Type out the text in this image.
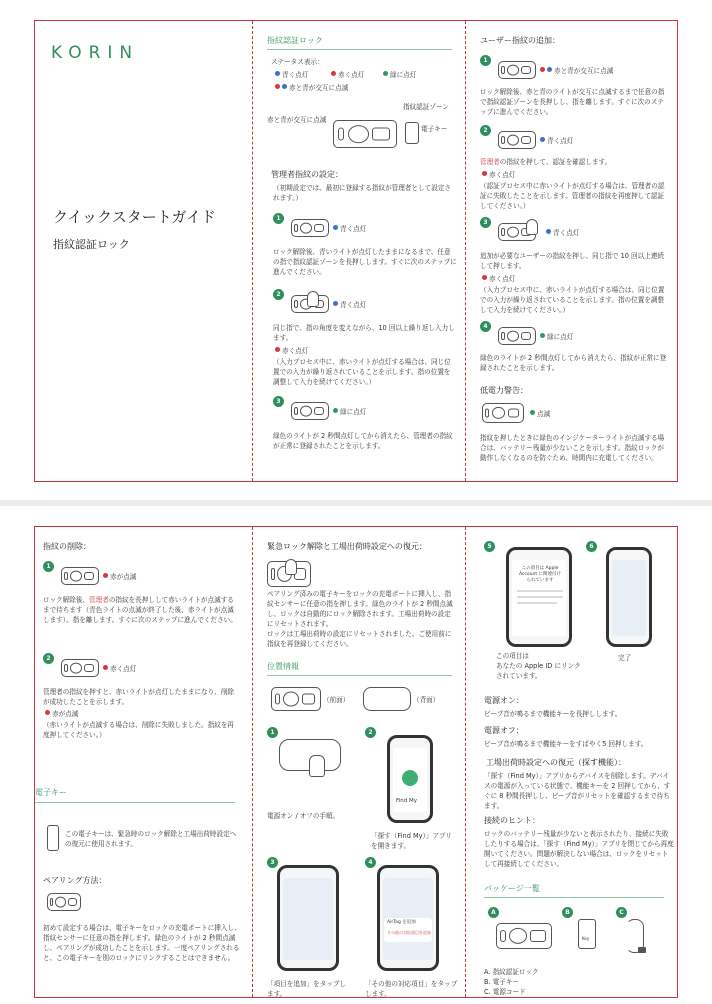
KORIN
クイックスタートガイド
指紋認証ロック
指紋認証ロック
ステータス表示：
青く点灯	赤く点灯	緑に点灯
赤と青が交互に点滅
赤と青が交互に点滅
指紋認証ゾーン
電子キー
管理者指紋の設定：
（初期設定では、最初に登録する指紋が管理者として設定されます。）
1
青く点灯
ロック解除後、青いライトが点灯したままになるまで、任意の指で指紋認証ゾーンを長押しします。すぐに次のステップに進んでください。
2
青く点灯
同じ指で、指の角度を変えながら、10 回以上繰り返し入力します。
赤く点灯
（入力プロセス中に、赤いライトが点灯する場合は、同じ位置での入力が繰り返されていることを示します。指の位置を調整して入力を続けてください。）
3
緑に点灯
緑色のライトが 2 秒間点灯してから消えたら、管理者の指紋が正常に登録されたことを示します。
ユーザー指紋の追加：
1
赤と青が交互に点滅
ロック解除後、赤と青のライトが交互に点滅するまで任意の指で指紋認証ゾーンを長押しし、指を離します。すぐに次のステップに進んでください。
2
青く点灯
管理者の指紋を押して、認証を確認します。
赤く点灯
（認証プロセス中に赤いライトが点灯する場合は、管理者の認証に失敗したことを示します。管理者の指紋を再度押して認証してください。）
3
青く点灯
追加が必要なユーザーの指紋を押し、同じ指で 10 回以上連続して押します。
赤く点灯
（入力プロセス中に、赤いライトが点灯する場合は、同じ位置での入力が繰り返されていることを示します。指の位置を調整して入力を続けてください。）
4
緑に点灯
緑色のライトが 2 秒間点灯してから消えたら、指紋が正常に登録されたことを示します。
低電力警告：
点滅
指紋を押したときに緑色のインジケーターライトが点滅する場合は、バッテリー残量が少ないことを示します。指紋ロックが動作しなくなるのを防ぐため、時間内に充電してください。
指紋の削除：
1
赤が点滅
ロック解除後、管理者の指紋を長押しして赤いライトが点滅するまで待ちます（青色ライトの点滅が終了した後、赤ライトが点滅します）。指を離します。すぐに次のステップに進んでください。
2
赤く点灯
管理者の指紋を押すと、赤いライトが点灯したままになり、削除が成功したことを示します。
赤が点滅
（赤いライトが点滅する場合は、削除に失敗しました。指紋を再度押してください。）
電子キー
この電子キーは、緊急時のロック解除と工場出荷時設定への復元に使用されます。
ペアリング方法：
初めて設定する場合は、電子キーをロックの充電ポートに挿入し、指紋センサーに任意の指を押します。緑色のライトが 2 秒間点滅し、ペアリングが成功したことを示します。一度ペアリングされると、この電子キーを別のロックにリンクすることはできません。
緊急ロック解除と工場出荷時設定への復元：
ペアリング済みの電子キーをロックの充電ポートに挿入し、指紋センサーに任意の指を押します。緑色のライトが 2 秒間点滅し、ロックは自動的にロック解除されます。工場出荷時の設定にリセットされます。
ロックは工場出荷時の設定にリセットされました。ご使用前に指紋を再登録してください。
位置情報
（前面）	（背面）
1
電源オン / オフの手順。
2
Find My
「探す（Find My）」アプリを開きます。
3
「項目を追加」をタップします。
4
AirTag を追加
その他の対応項目を追加
「その他の対応項目」をタップします。
5
この項目は Apple Account に関連付けられています
この項目は
あなたの Apple ID にリンク
されています。
6
完了
電源オン：
ビープ音が鳴るまで機能キーを長押しします。
電源オフ：
ビープ音が鳴るまで機能キーをすばやく5 回押します。
工場出荷時設定への復元（探す機能）：
「探す（Find My）」アプリからデバイスを削除します。デバイスの電源が入っている状態で、機能キーを 2 回押してから、すぐに 8 秒間長押しし、ビープ音がリセットを確認するまで待ちます。
接続のヒント：
ロックのバッテリー残量が少ないと表示されたり、接続に失敗したりする場合は、「探す（Find My）」アプリを閉じてから再度開いてください。問題が解決しない場合は、ロックをリセットして再接続してください。
パッケージ一覧
A	B
Key
C
A. 指紋認証ロック
B. 電子キー
C. 電源コード
